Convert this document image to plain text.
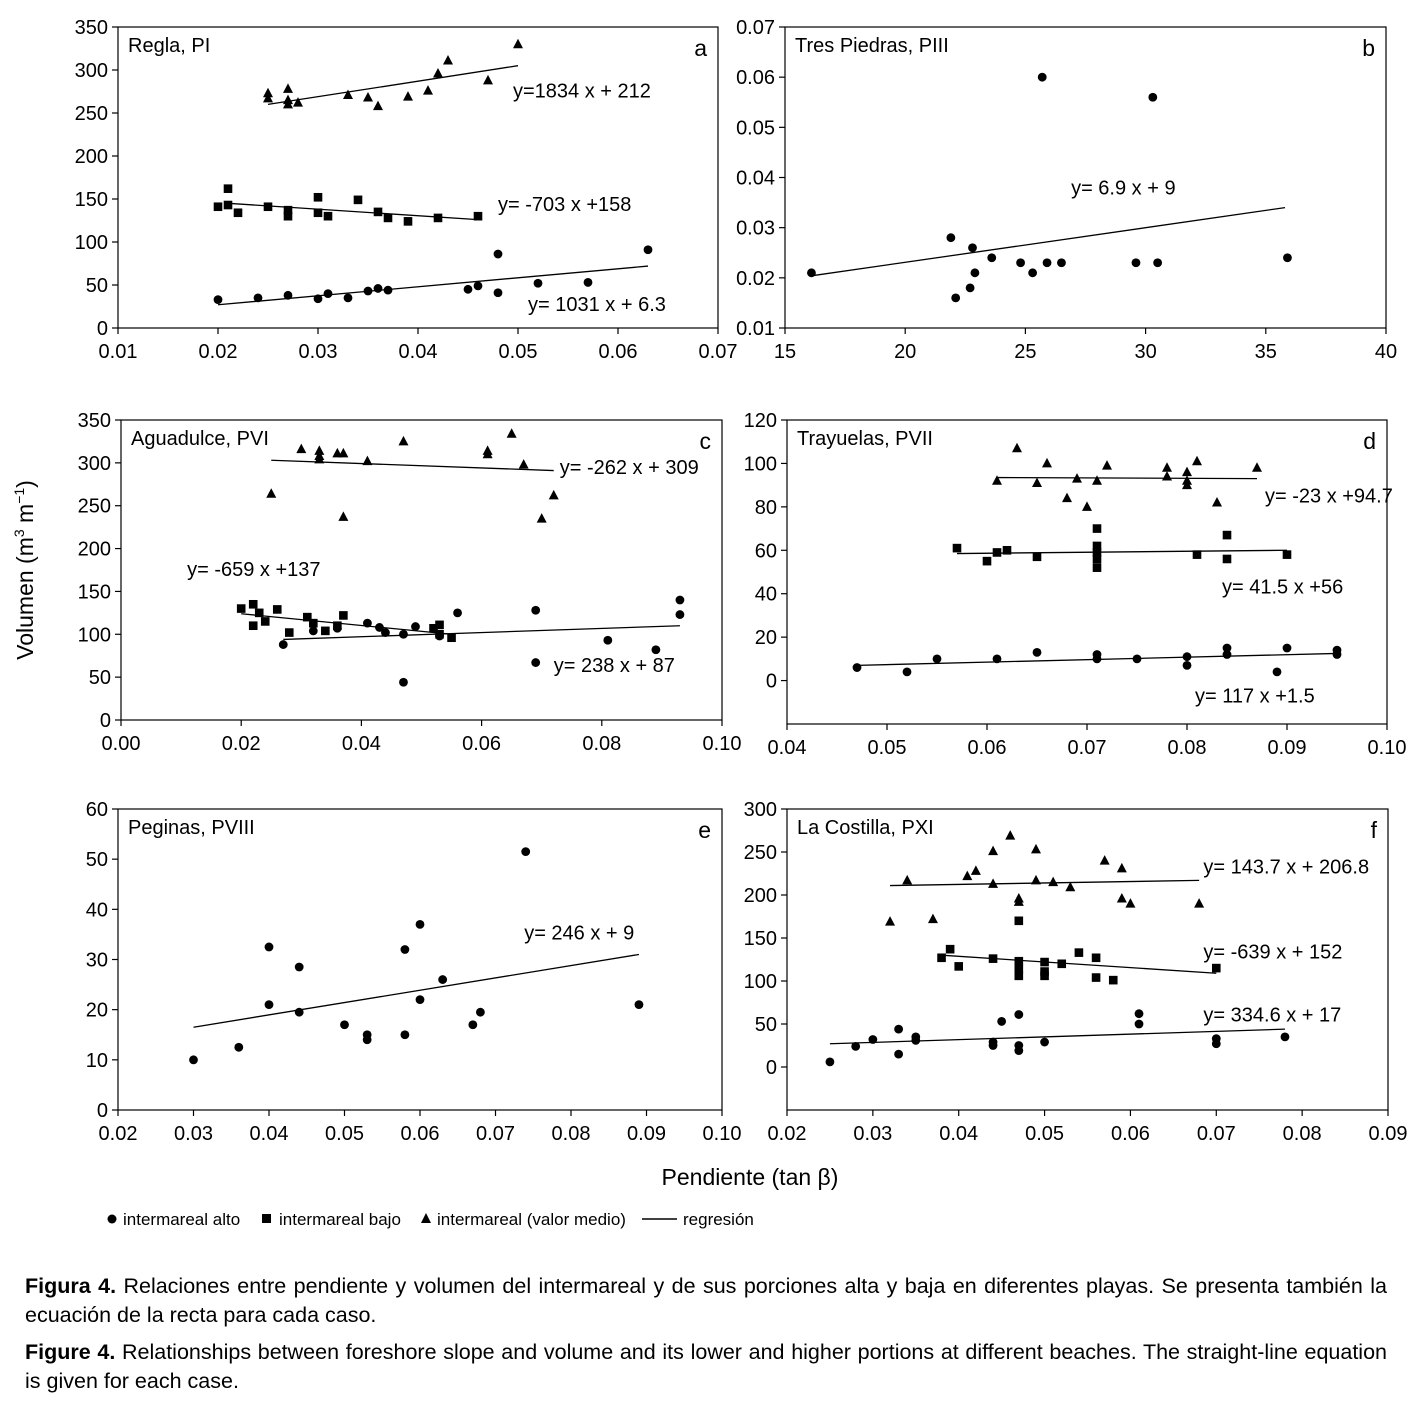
0.01	0.02	0.03	0.04	0.05	0.06	0.07
0
50
100
150
200
250
300
350
Regla, PI	a
y=1834 x + 212
y= -703 x +158
y= 1031 x + 6.3
15	20	25	30	35	40
0.01
0.02
0.03
0.04
0.05
0.06
0.07
Tres Piedras, PIII	b
y= 6.9 x + 9
0.00	0.02	0.04	0.06	0.08	0.10
0
50
100
150
200
250
300
350
Aguadulce, PVI	c
y= -262 x + 309
y= -659 x +137
y= 238 x + 87
0.04	0.05	0.06	0.07	0.08	0.09	0.10
0
20
40
60
80
100
120
Trayuelas, PVII	d
y= -23 x +94.7
y= 41.5 x +56
y= 117 x +1.5
0.02 0.03 0.04 0.05 0.06 0.07 0.08 0.09 0.10
0
10
20
30
40
50
60
Peginas, PVIII	e
y= 246 x + 9
0.02 0.03 0.04 0.05 0.06 0.07 0.08 0.09
0
50
100
150
200
250
300
La Costilla, PXI	f
y= 143.7 x + 206.8
y= -639 x + 152
y= 334.6 x + 17
Volumen ($m^3$ $m^{-1}$)
Pendiente (tan β)
intermareal alto intermareal bajo intermareal (valor medio)	regresión
Figura 4. Relaciones entre pendiente y volumen del intermareal y de sus porciones alta y baja en diferentes playas. Se presenta también la ecuación de la recta para cada caso.
Figure 4. Relationships between foreshore slope and volume and its lower and higher portions at different beaches. The straight-line equation is given for each case.
